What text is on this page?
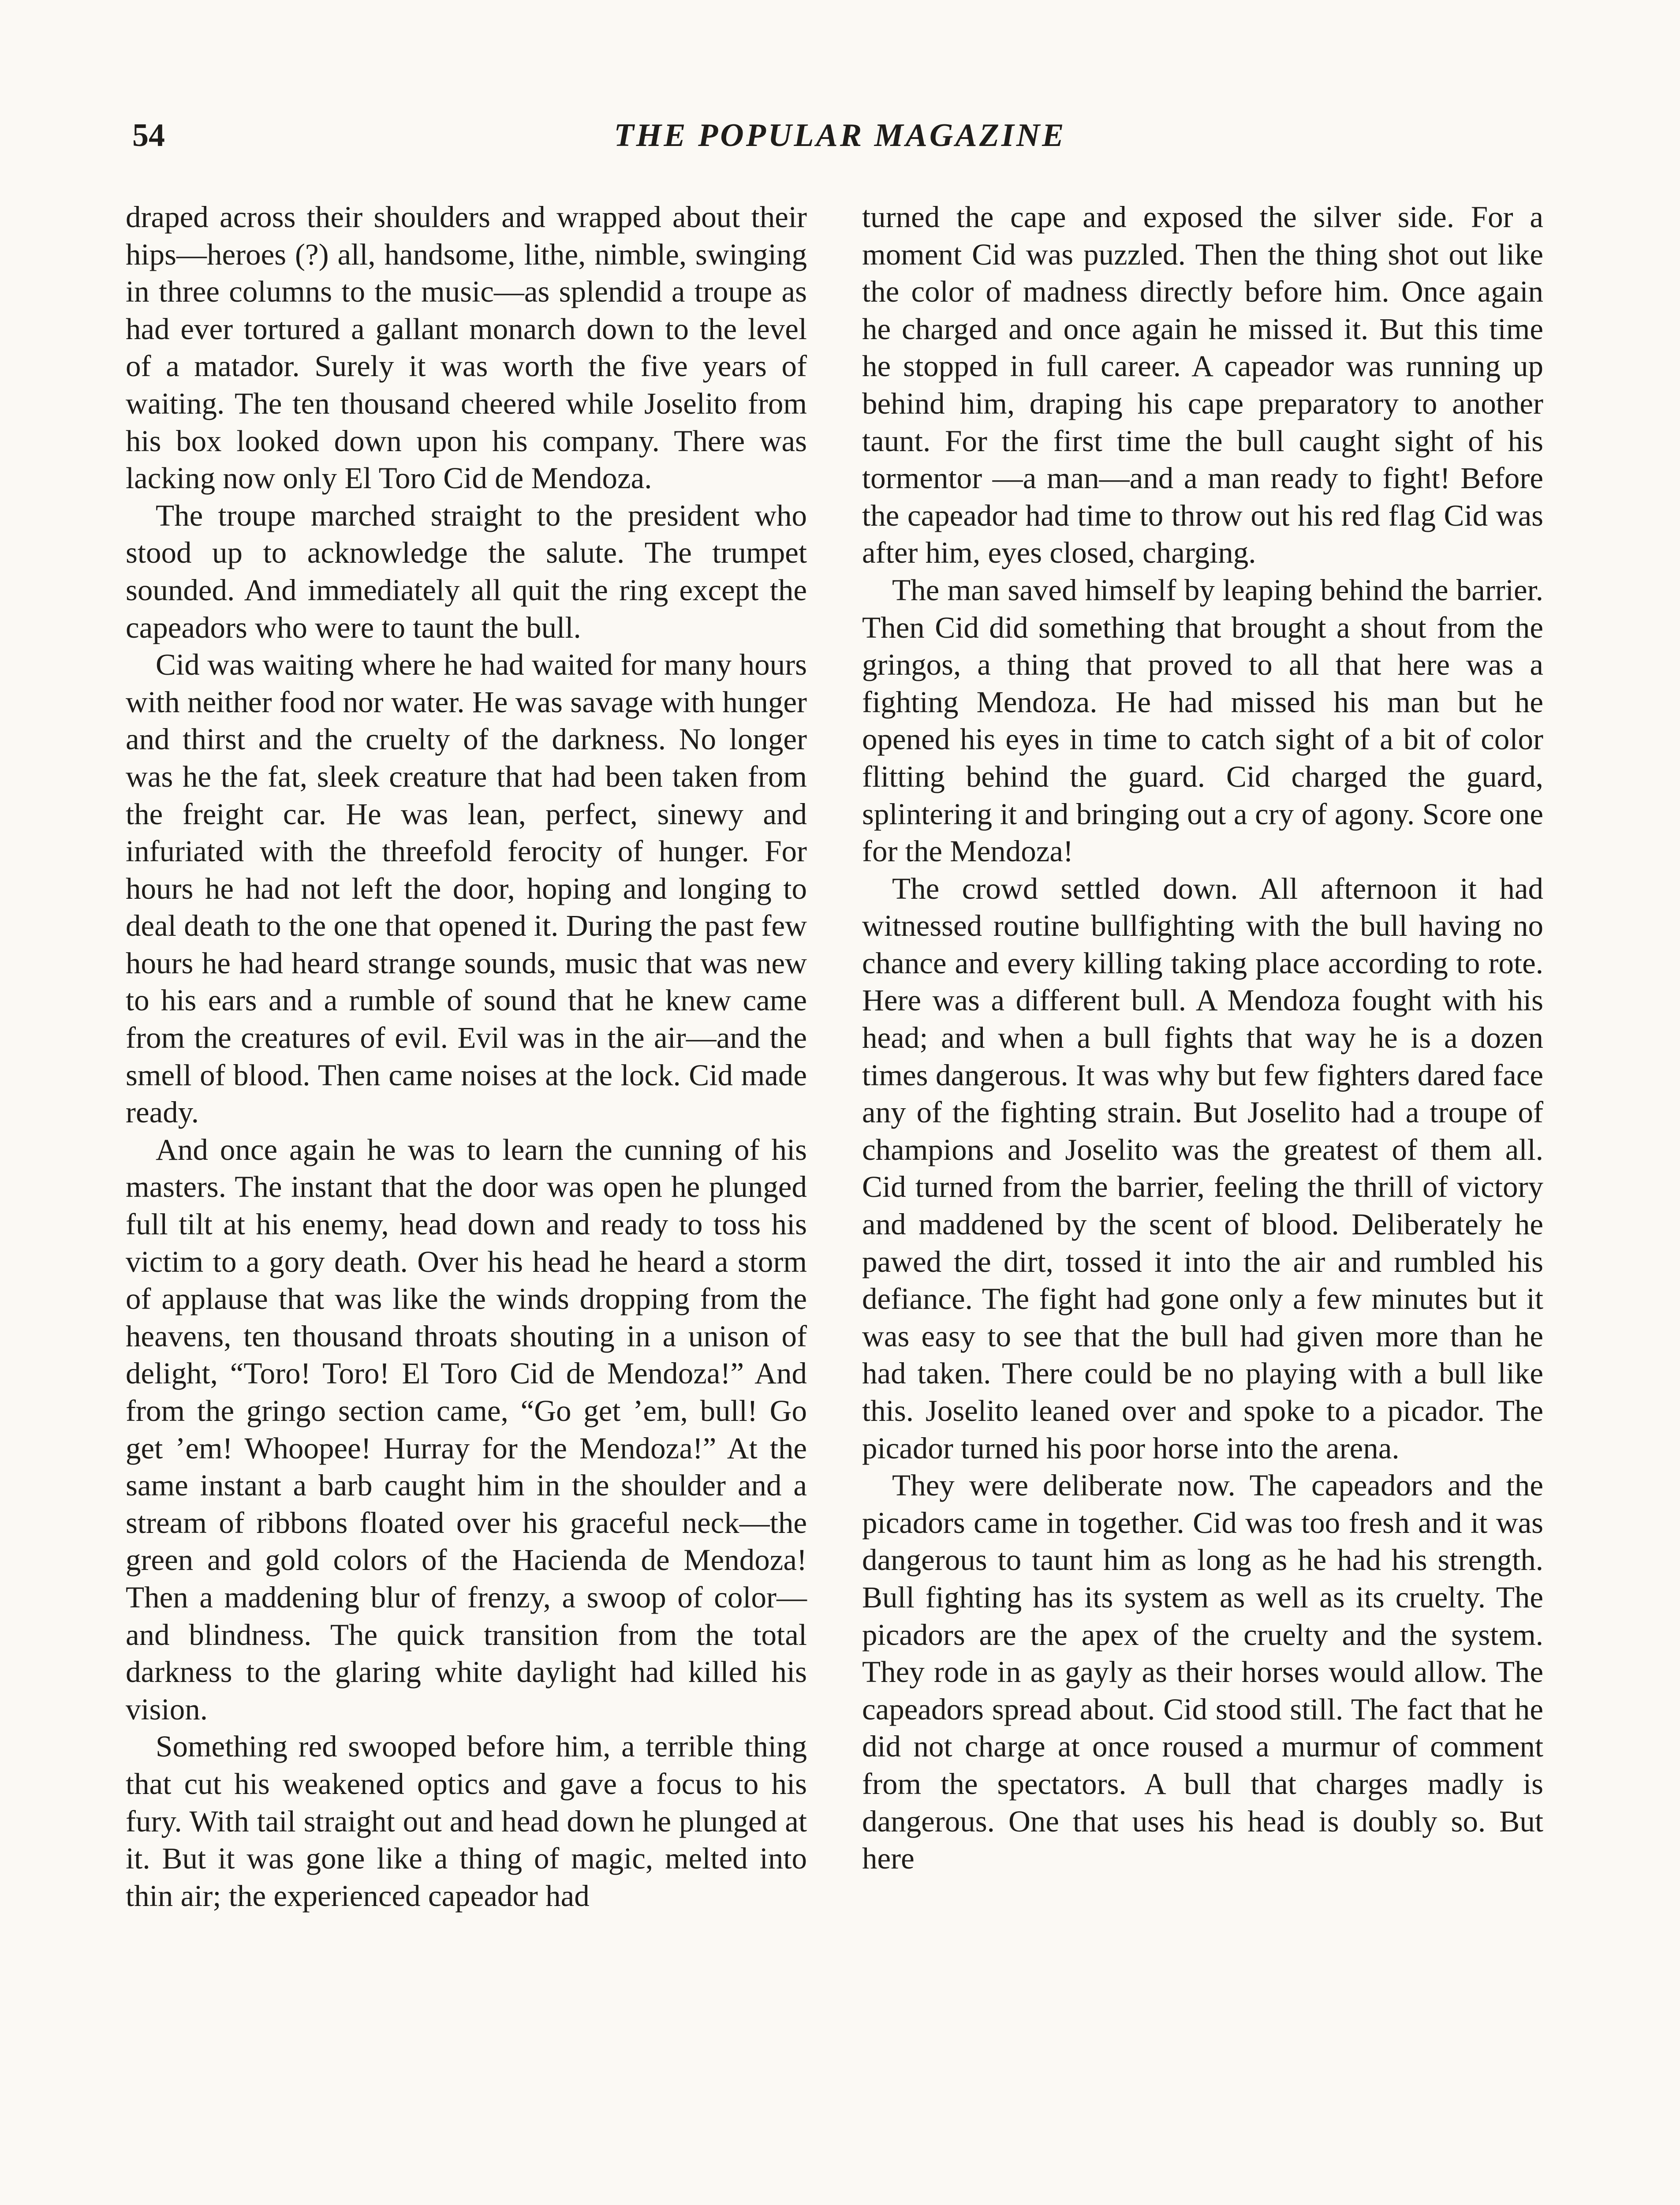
54	THE POPULAR MAGAZINE

draped across their shoulders and wrapped about their hips—heroes (?) all, handsome, lithe, nimble, swinging in three columns to the music—as splendid a troupe as had ever tortured a gallant monarch down to the level of a matador. Surely it was worth the five years of waiting. The ten thousand cheered while Joselito from his box looked down upon his company. There was lacking now only El Toro Cid de Mendoza.

The troupe marched straight to the president who stood up to acknowledge the salute. The trumpet sounded. And immediately all quit the ring except the capeadors who were to taunt the bull.

Cid was waiting where he had waited for many hours with neither food nor water. He was savage with hunger and thirst and the cruelty of the darkness. No longer was he the fat, sleek creature that had been taken from the freight car. He was lean, perfect, sinewy and infuriated with the threefold ferocity of hunger. For hours he had not left the door, hoping and longing to deal death to the one that opened it. During the past few hours he had heard strange sounds, music that was new to his ears and a rumble of sound that he knew came from the creatures of evil. Evil was in the air—and the smell of blood. Then came noises at the lock. Cid made ready.

And once again he was to learn the cunning of his masters. The instant that the door was open he plunged full tilt at his enemy, head down and ready to toss his victim to a gory death. Over his head he heard a storm of applause that was like the winds dropping from the heavens, ten thousand throats shouting in a unison of delight, “Toro! Toro! El Toro Cid de Mendoza!” And from the gringo section came, “Go get ’em, bull! Go get ’em! Whoopee! Hurray for the Mendoza!” At the same instant a barb caught him in the shoulder and a stream of ribbons floated over his graceful neck—the green and gold colors of the Hacienda de Mendoza! Then a maddening blur of frenzy, a swoop of color—and blindness. The quick transition from the total darkness to the glaring white daylight had killed his vision.

Something red swooped before him, a terrible thing that cut his weakened optics and gave a focus to his fury. With tail straight out and head down he plunged at it. But it was gone like a thing of magic, melted into thin air; the experienced capeador had

turned the cape and exposed the silver side. For a moment Cid was puzzled. Then the thing shot out like the color of madness directly before him. Once again he charged and once again he missed it. But this time he stopped in full career. A capeador was running up behind him, draping his cape preparatory to another taunt. For the first time the bull caught sight of his tormentor —a man—and a man ready to fight! Before the capeador had time to throw out his red flag Cid was after him, eyes closed, charging.

The man saved himself by leaping behind the barrier. Then Cid did something that brought a shout from the gringos, a thing that proved to all that here was a fighting Mendoza. He had missed his man but he opened his eyes in time to catch sight of a bit of color flitting behind the guard. Cid charged the guard, splintering it and bringing out a cry of agony. Score one for the Mendoza!

The crowd settled down. All afternoon it had witnessed routine bullfighting with the bull having no chance and every killing taking place according to rote. Here was a different bull. A Mendoza fought with his head; and when a bull fights that way he is a dozen times dangerous. It was why but few fighters dared face any of the fighting strain. But Joselito had a troupe of champions and Joselito was the greatest of them all. Cid turned from the barrier, feeling the thrill of victory and maddened by the scent of blood. Deliberately he pawed the dirt, tossed it into the air and rumbled his defiance. The fight had gone only a few minutes but it was easy to see that the bull had given more than he had taken. There could be no playing with a bull like this. Joselito leaned over and spoke to a picador. The picador turned his poor horse into the arena.

They were deliberate now. The capeadors and the picadors came in together. Cid was too fresh and it was dangerous to taunt him as long as he had his strength. Bull fighting has its system as well as its cruelty. The picadors are the apex of the cruelty and the system. They rode in as gayly as their horses would allow. The capeadors spread about. Cid stood still. The fact that he did not charge at once roused a murmur of comment from the spectators. A bull that charges madly is dangerous. One that uses his head is doubly so. But here
